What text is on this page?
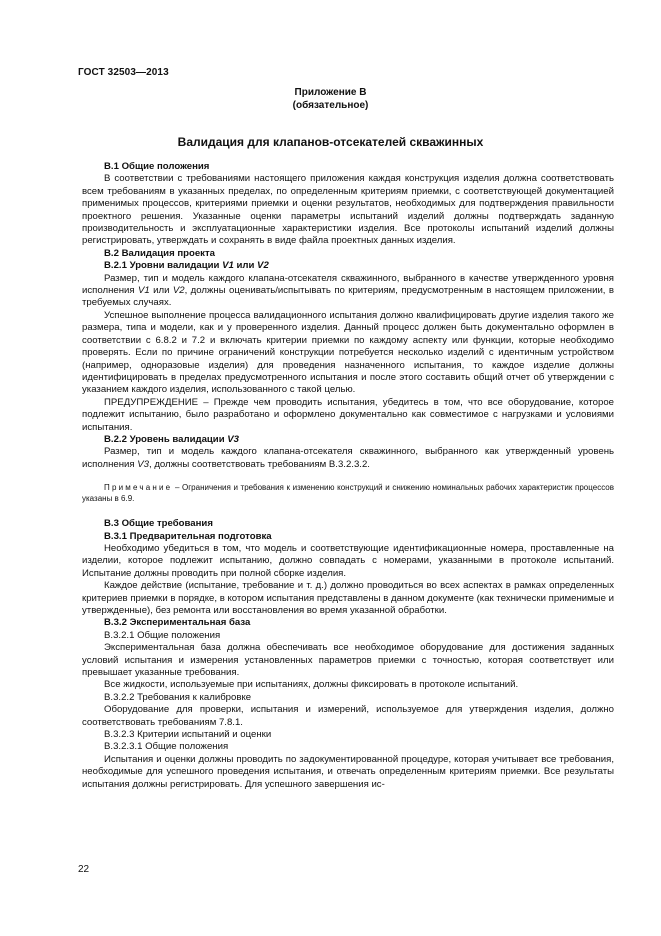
ГОСТ 32503—2013
Приложение В
(обязательное)
Валидация для клапанов-отсекателей скважинных

В.1 Общие положения

В соответствии с требованиями настоящего приложения каждая конструкция изделия должна соответствовать всем требованиям в указанных пределах, по определенным критериям приемки, с соответствующей документацией применимых процессов, критериями приемки и оценки результатов, необходимых для подтверждения правильности проектного решения. Указанные оценки параметры испытаний изделий должны подтверждать заданную производительность и эксплуатационные характеристики изделия. Все протоколы испытаний изделий должны регистрировать, утверждать и сохранять в виде файла проектных данных изделия.

В.2 Валидация проекта

В.2.1 Уровни валидации V1 или V2

Размер, тип и модель каждого клапана-отсекателя скважинного, выбранного в качестве утвержденного уровня исполнения V1 или V2, должны оценивать/испытывать по критериям, предусмотренным в настоящем приложении, в требуемых случаях.

Успешное выполнение процесса валидационного испытания должно квалифицировать другие изделия такого же размера, типа и модели, как и у проверенного изделия. Данный процесс должен быть документально оформлен в соответствии с 6.8.2 и 7.2 и включать критерии приемки по каждому аспекту или функции, которые необходимо проверять. Если по причине ограничений конструкции потребуется несколько изделий с идентичным устройством (например, одноразовые изделия) для проведения назначенного испытания, то каждое изделие должны идентифицировать в пределах предусмотренного испытания и после этого составить общий отчет об утверждении с указанием каждого изделия, использованного с такой целью.

ПРЕДУПРЕЖДЕНИЕ – Прежде чем проводить испытания, убедитесь в том, что все оборудование, которое подлежит испытанию, было разработано и оформлено документально как совместимое с нагрузками и условиями испытания.

В.2.2 Уровень валидации V3

Размер, тип и модель каждого клапана-отсекателя скважинного, выбранного как утвержденный уровень исполнения V3, должны соответствовать требованиям В.3.2.3.2.

Примечание – Ограничения и требования к изменению конструкций и снижению номинальных рабочих характеристик процессов указаны в 6.9.

В.3 Общие требования

В.3.1 Предварительная подготовка

Необходимо убедиться в том, что модель и соответствующие идентификационные номера, проставленные на изделии, которое подлежит испытанию, должно совпадать с номерами, указанными в протоколе испытаний. Испытание должны проводить при полной сборке изделия.

Каждое действие (испытание, требование и т. д.) должно проводиться во всех аспектах в рамках определенных критериев приемки в порядке, в котором испытания представлены в данном документе (как технически применимые и утвержденные), без ремонта или восстановления во время указанной обработки.

В.3.2 Экспериментальная база

В.3.2.1 Общие положения

Экспериментальная база должна обеспечивать все необходимое оборудование для достижения заданных условий испытания и измерения установленных параметров приемки с точностью, которая соответствует или превышает указанные требования.

Все жидкости, используемые при испытаниях, должны фиксировать в протоколе испытаний.

В.3.2.2 Требования к калибровке

Оборудование для проверки, испытания и измерений, используемое для утверждения изделия, должно соответствовать требованиям 7.8.1.

В.3.2.3 Критерии испытаний и оценки

В.3.2.3.1 Общие положения

Испытания и оценки должны проводить по задокументированной процедуре, которая учитывает все требования, необходимые для успешного проведения испытания, и отвечать определенным критериям приемки. Все результаты испытания должны регистрировать. Для успешного завершения ис-

22
